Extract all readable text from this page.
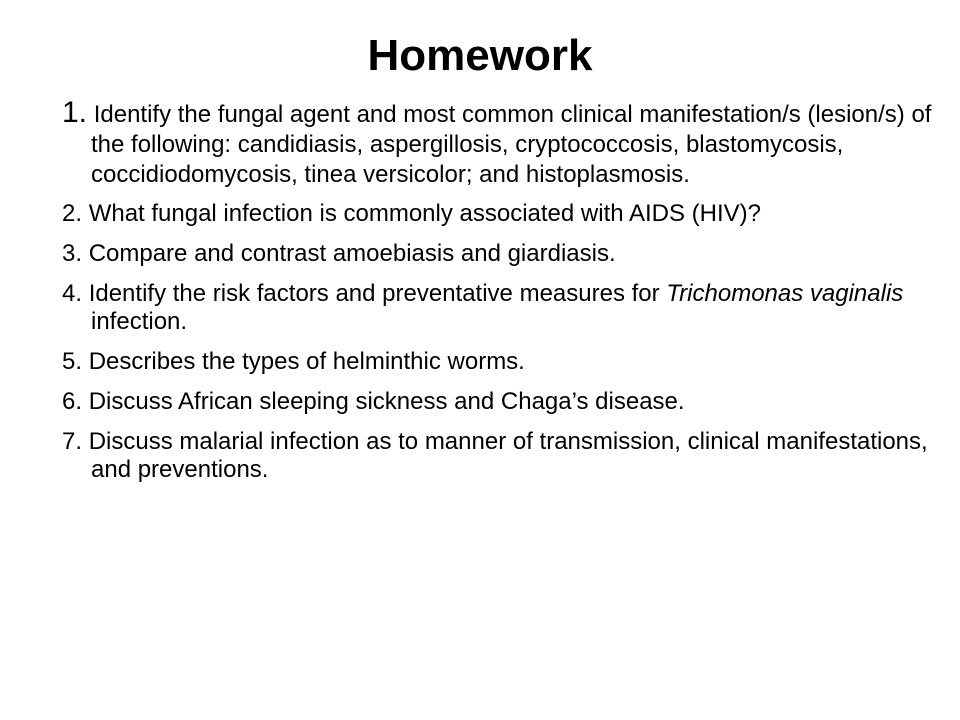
Homework
1. Identify the fungal agent and most common clinical manifestation/s (lesion/s) of the following: candidiasis, aspergillosis, cryptococcosis, blastomycosis, coccidiodomycosis, tinea versicolor; and histoplasmosis.
2. What fungal infection is commonly associated with AIDS (HIV)?
3. Compare and contrast amoebiasis and giardiasis.
4. Identify the risk factors and preventative measures for Trichomonas vaginalis infection.
5. Describes the types of helminthic worms.
6. Discuss African sleeping sickness and Chaga’s disease.
7. Discuss malarial infection as to manner of transmission, clinical manifestations, and preventions.
